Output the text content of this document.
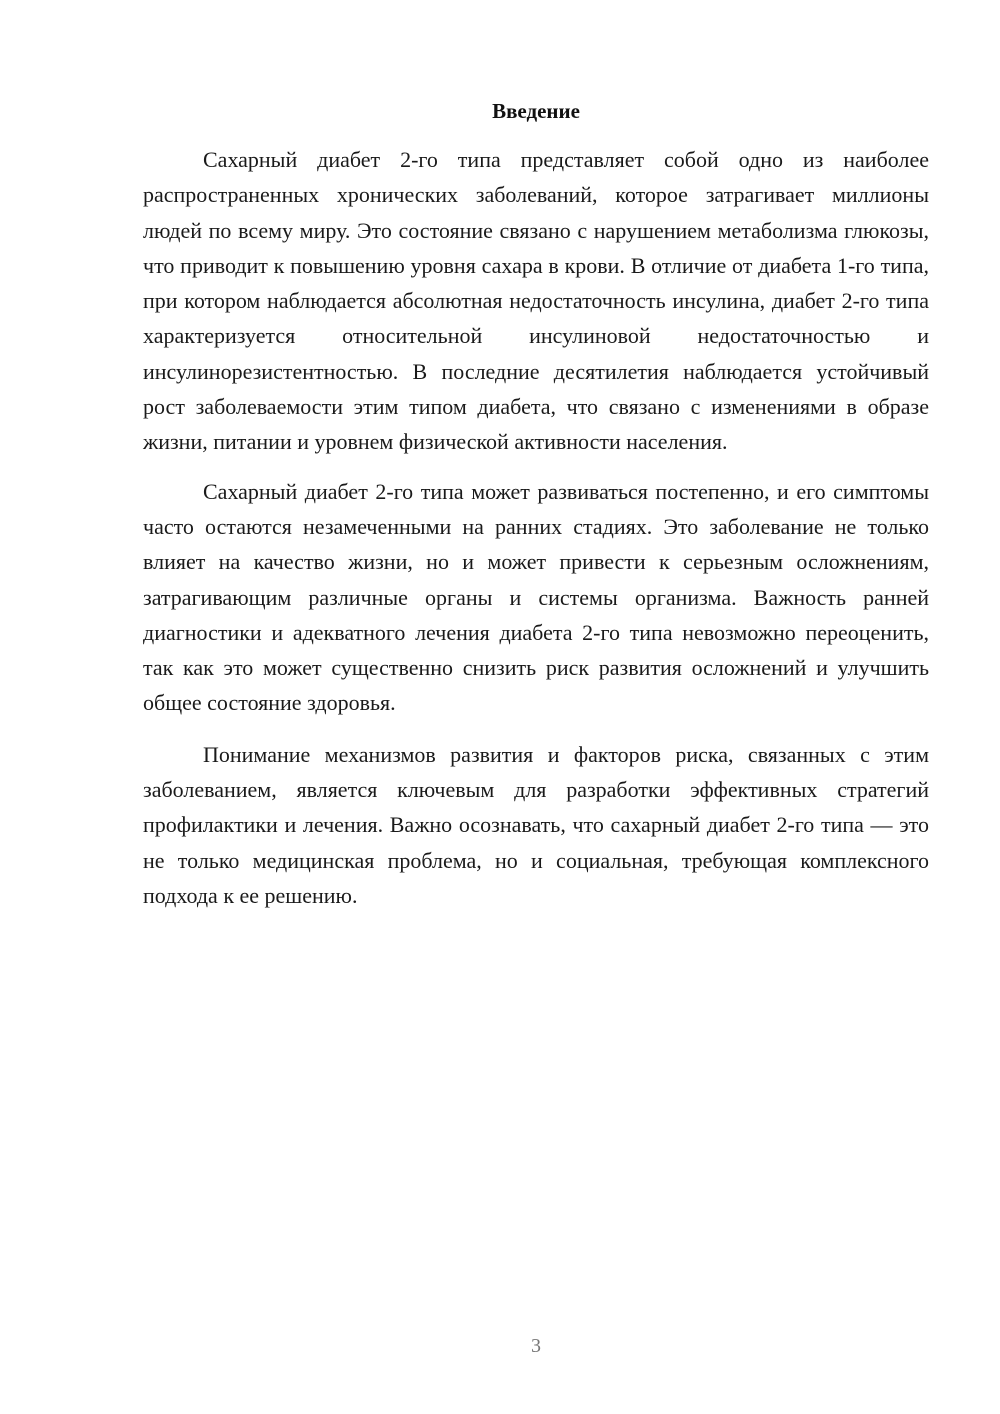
Введение

Сахарный диабет 2-го типа представляет собой одно из наиболее распространенных хронических заболеваний, которое затрагивает миллионы людей по всему миру. Это состояние связано с нарушением метаболизма глюкозы, что приводит к повышению уровня сахара в крови. В отличие от диабета 1-го типа, при котором наблюдается абсолютная недостаточность инсулина, диабет 2-го типа характеризуется относительной инсулиновой недостаточностью и инсулинорезистентностью. В последние десятилетия наблюдается устойчивый рост заболеваемости этим типом диабета, что связано с изменениями в образе жизни, питании и уровнем физической активности населения.

Сахарный диабет 2-го типа может развиваться постепенно, и его симптомы часто остаются незамеченными на ранних стадиях. Это заболевание не только влияет на качество жизни, но и может привести к серьезным осложнениям, затрагивающим различные органы и системы организма. Важность ранней диагностики и адекватного лечения диабета 2-го типа невозможно переоценить, так как это может существенно снизить риск развития осложнений и улучшить общее состояние здоровья.

Понимание механизмов развития и факторов риска, связанных с этим заболеванием, является ключевым для разработки эффективных стратегий профилактики и лечения. Важно осознавать, что сахарный диабет 2-го типа — это не только медицинская проблема, но и социальная, требующая комплексного подхода к ее решению.

3
